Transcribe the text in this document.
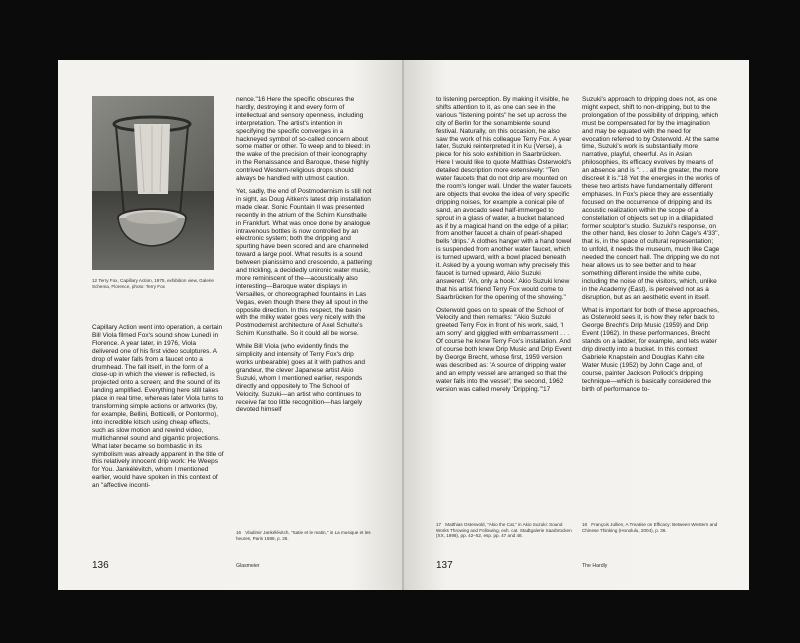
12 Terry Fox, Capillary Action, 1975, exhibition view, Galerie Schema, Florence, photo: Terry Fox

Capillary Action went into operation, a certain Bill Viola filmed Fox's sound show Lunedì in Florence. A year later, in 1976, Viola delivered one of his first video sculptures. A drop of water falls from a faucet onto a drumhead. The fall itself, in the form of a close-up in which the viewer is reflected, is projected onto a screen; and the sound of its landing amplified. Everything here still takes place in real time, whereas later Viola turns to transforming simple actions or artworks (by, for example, Bellini, Botticelli, or Pontormo), into incredible kitsch using cheap effects, such as slow motion and rewind video, multichannel sound and gigantic projections. What later became so bombastic in its symbolism was already apparent in the title of this relatively innocent drip work: He Weeps for You. Jankélévitch, whom I mentioned earlier, would have spoken in this context of an "affective inconti-

nence."16 Here the specific obscures the hardly, destroying it and every form of intellectual and sensory openness, including interpretation. The artist's intention in specifying the specific converges in a hackneyed symbol of so-called concern about some matter or other. To weep and to bleed: in the wake of the precision of their iconography in the Renaissance and Baroque, these highly contrived Western-religious drops should always be handled with utmost caution.

Yet, sadly, the end of Postmodernism is still not in sight, as Doug Aitken's latest drip installation made clear. Sonic Fountain II was presented recently in the atrium of the Schirn Kunsthalle in Frankfurt. What was once done by analogue intravenous bottles is now controlled by an electronic system; both the dripping and spurting have been scored and are channeled toward a large pool. What results is a sound between pianissimo and crescendo, a pattering and trickling, a decidedly unironic water music, more reminiscent of the—acoustically also interesting—Baroque water displays in Versailles, or choreographed fountains in Las Vegas, even though there they all spout in the opposite direction. In this respect, the basin with the milky water goes very nicely with the Postmodernist architecture of Axel Schulte's Schirn Kunsthalle. So it could all be worse.

While Bill Viola (who evidently finds the simplicity and intensity of Terry Fox's drip works unbearable) goes at it with pathos and grandeur, the clever Japanese artist Akio Suzuki, whom I mentioned earlier, responds directly and oppositely to The School of Velocity. Suzuki—an artist who continues to receive far too little recognition—has largely devoted himself

16 Vladimir Jankélévitch, "Satie et le matin," in La musique et les heures, Paris 1988, p. 26.
136	Glasmeier

to listening perception. By making it visible, he shifts attention to it, as one can see in the various "listening points" he set up across the city of Berlin for the sonambiente sound festival. Naturally, on this occasion, he also saw the work of his colleague Terry Fox. A year later, Suzuki reinterpreted it in Ku (Verse), a piece for his solo exhibition in Saarbrücken. Here I would like to quote Matthias Osterwold's detailed description more extensively: "Ten water faucets that do not drip are mounted on the room's longer wall. Under the water faucets are objects that evoke the idea of very specific dripping noises, for example a conical pile of sand, an avocado seed half-immerged to sprout in a glass of water, a bucket balanced as if by a magical hand on the edge of a pillar; from another faucet a chain of pearl-shaped bells 'drips.' A clothes hanger with a hand towel is suspended from another water faucet, which is turned upward, with a bowl placed beneath it. Asked by a young woman why precisely this faucet is turned upward, Akio Suzuki answered: 'Ah, only a hook.' Akio Suzuki knew that his artist friend Terry Fox would come to Saarbrücken for the opening of the showing."

Osterwold goes on to speak of the School of Velocity and then remarks: "Akio Suzuki greeted Terry Fox in front of his work, said, 'I am sorry' and giggled with embarrassment . . . Of course he knew Terry Fox's installation. And of course both knew Drip Music and Drip Event by George Brecht, whose first, 1959 version was described as: 'A source of dripping water and an empty vessel are arranged so that the water falls into the vessel'; the second, 1962 version was called merely 'Dripping.'"17

Suzuki's approach to dripping does not, as one might expect, shift to non-dripping, but to the prolongation of the possibility of dripping, which must be compensated for by the imagination and may be equated with the need for evocation referred to by Osterwold. At the same time, Suzuki's work is substantially more narrative, playful, cheerful. As in Asian philosophies, its efficacy evolves by means of an absence and is ". . . all the greater, the more discreet it is."18 Yet the energies in the works of these two artists have fundamentally different emphases. In Fox's piece they are essentially focused on the occurrence of dripping and its acoustic realization within the scope of a constellation of objects set up in a dilapidated former sculptor's studio. Suzuki's response, on the other hand, lies closer to John Cage's 4'33", that is, in the space of cultural representation; to unfold, it needs the museum, much like Cage needed the concert hall. The dripping we do not hear allows us to see better and to hear something different inside the white cube, including the noise of the visitors, which, unlike in the Academy (East), is perceived not as a disruption, but as an aesthetic event in itself.

What is important for both of these approaches, as Osterwold sees it, is how they refer back to George Brecht's Drip Music (1959) and Drip Event (1962). In these performances, Brecht stands on a ladder, for example, and lets water drip directly into a bucket. In this context Gabriele Knapstein and Douglas Kahn cite Water Music (1952) by John Cage and, of course, painter Jackson Pollock's dripping technique—which is basically considered the birth of performance to-

17 Matthias Osterwold, "Akio the Cat," in Akio Suzuki: Sound Works Throwing and Following, exh. cat. Stadtgalerie Saarbrücken (XX, 1998), pp. 42–52, esp. pp. 47 and 48.
18 François Jullien, A Treatise on Efficacy: Between Western and Chinese Thinking (Honolulu, 2004), p. 36.
137	The Hardly
